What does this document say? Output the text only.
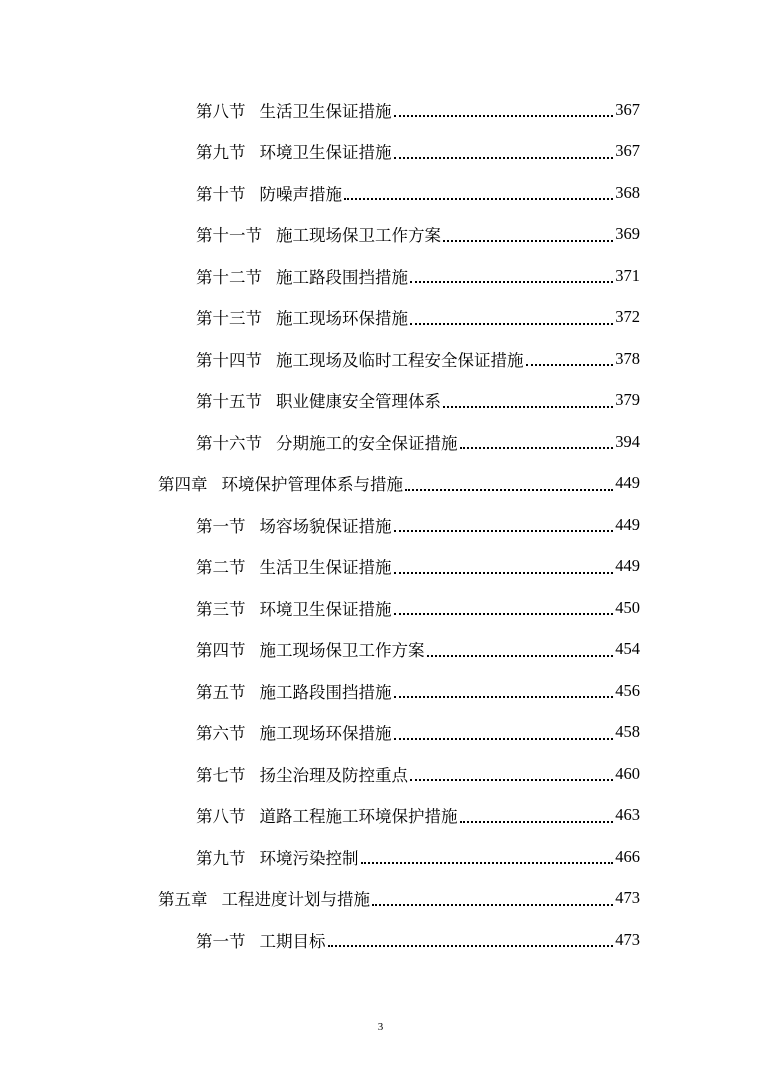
第八节 生活卫生保证措施	367
第九节 环境卫生保证措施	367
第十节 防噪声措施	368
第十一节 施工现场保卫工作方案	369
第十二节 施工路段围挡措施	371
第十三节 施工现场环保措施	372
第十四节 施工现场及临时工程安全保证措施	378
第十五节 职业健康安全管理体系	379
第十六节 分期施工的安全保证措施	394
第四章 环境保护管理体系与措施	449
第一节 场容场貌保证措施	449
第二节 生活卫生保证措施	449
第三节 环境卫生保证措施	450
第四节 施工现场保卫工作方案	454
第五节 施工路段围挡措施	456
第六节 施工现场环保措施	458
第七节 扬尘治理及防控重点	460
第八节 道路工程施工环境保护措施	463
第九节 环境污染控制	466
第五章 工程进度计划与措施	473
第一节 工期目标	473
3
